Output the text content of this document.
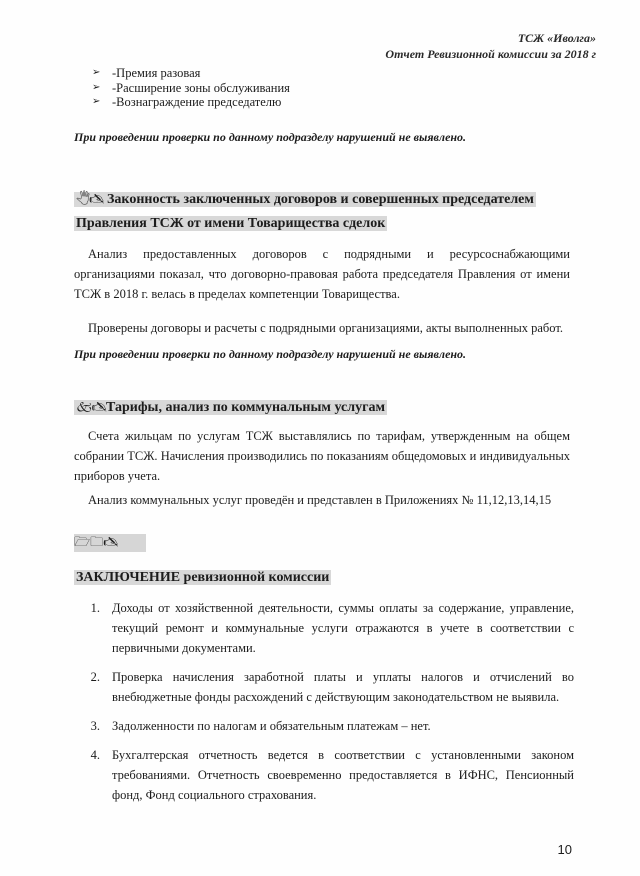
ТСЖ «Иволга»
Отчет Ревизионной комиссии за 2018 г
➢ -Премия разовая
➢ -Расширение зоны обслуживания
➢ -Вознаграждение председателю
При проведении проверки по данному подразделу нарушений не выявлено.
🖑🖎 Законность заключенных договоров и совершенных председателем
Правления ТСЖ от имени Товарищества сделок
Анализ предоставленных договоров с подрядными и ресурсоснабжающими организациями показал, что договорно-правовая работа председателя Правления от имени ТСЖ в 2018 г. велась в пределах компетенции Товарищества.
Проверены договоры и расчеты с подрядными организациями, акты выполненных работ.
При проведении проверки по данному подразделу нарушений не выявлено.
🙵🖎Тарифы, анализ по коммунальным услугам
Счета жильцам по услугам ТСЖ выставлялись по тарифам, утвержденным на общем собрании ТСЖ. Начисления производились по показаниям общедомовых и индивидуальных приборов учета.
Анализ коммунальных услуг проведён и представлен в Приложениях № 11,12,13,14,15
🗁🗀🖎
ЗАКЛЮЧЕНИЕ ревизионной комиссии
1. Доходы от хозяйственной деятельности, суммы оплаты за содержание, управление, текущий ремонт и коммунальные услуги отражаются в учете в соответствии с первичными документами.
2. Проверка начисления заработной платы и уплаты налогов и отчислений во внебюджетные фонды расхождений с действующим законодательством не выявила.
3. Задолженности по налогам и обязательным платежам – нет.
4. Бухгалтерская отчетность ведется в соответствии с установленными законом требованиями. Отчетность своевременно предоставляется в ИФНС, Пенсионный фонд, Фонд социального страхования.
10
